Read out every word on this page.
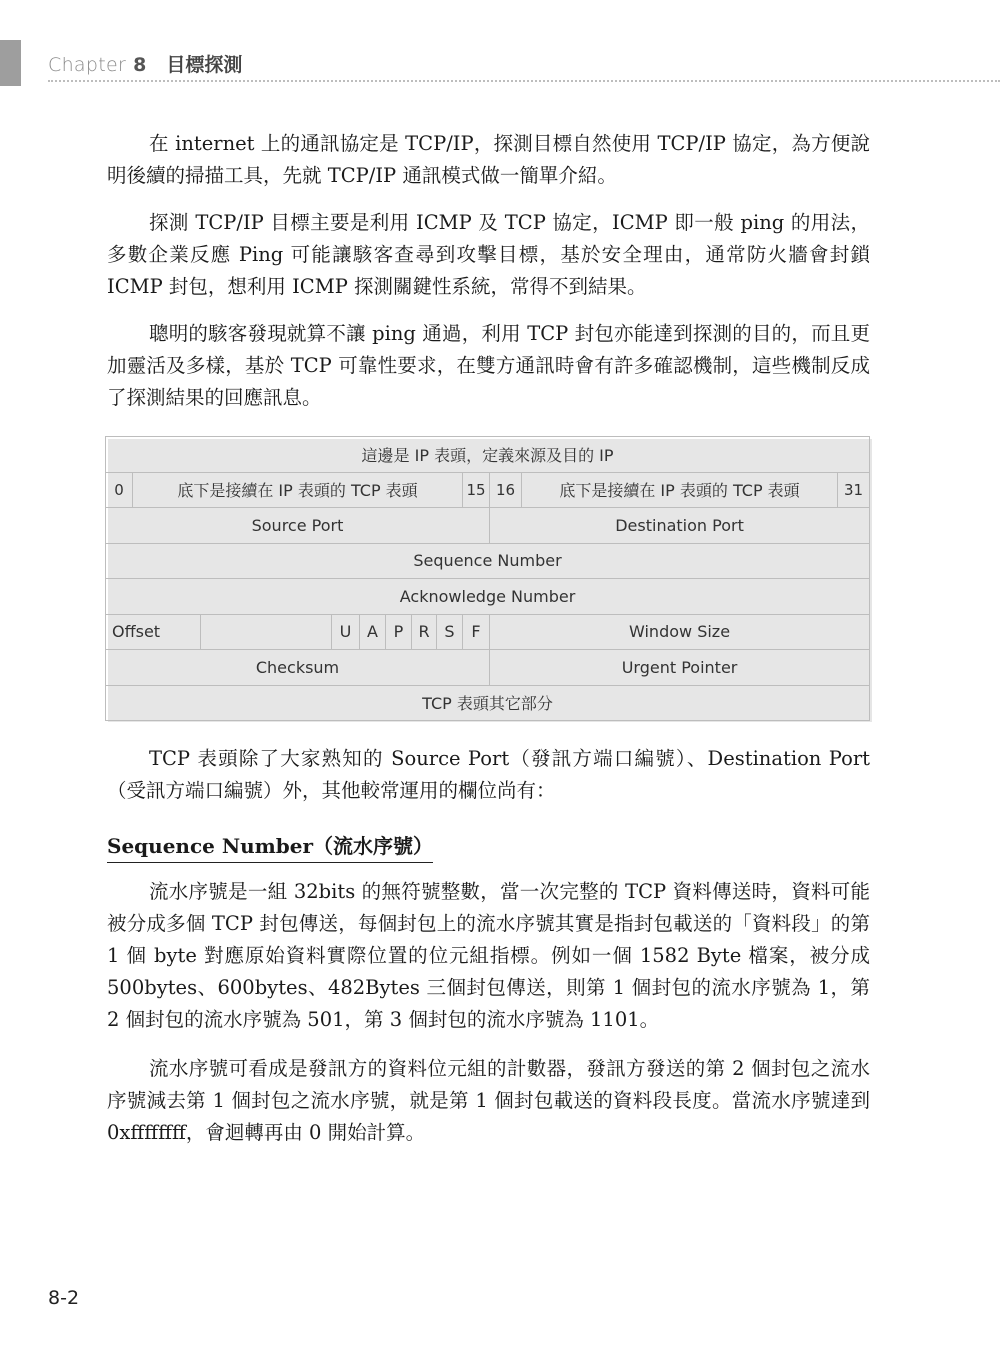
Chapter 8 目標探測

在 internet 上的通訊協定是 TCP/IP，探測目標自然使用 TCP/IP 協定，為方便說明後續的掃描工具，先就 TCP/IP 通訊模式做一簡單介紹。

探測 TCP/IP 目標主要是利用 ICMP 及 TCP 協定，ICMP 即一般 ping 的用法，多數企業反應 Ping 可能讓駭客查尋到攻擊目標，基於安全理由，通常防火牆會封鎖 ICMP 封包，想利用 ICMP 探測關鍵性系統，常得不到結果。

聰明的駭客發現就算不讓 ping 通過，利用 TCP 封包亦能達到探測的目的，而且更加靈活及多樣，基於 TCP 可靠性要求，在雙方通訊時會有許多確認機制，這些機制反成了探測結果的回應訊息。

這邊是 IP 表頭，定義來源及目的 IP											
0	底下是接續在 IP 表頭的 TCP 表頭							15	16	底下是接續在 IP 表頭的 TCP 表頭	31
Source Port									Destination Port		
Sequence Number											
Acknowledge Number											
Offset			U	A	P	R	S	F	Window Size		
Checksum									Urgent Pointer		
TCP 表頭其它部分											

TCP 表頭除了大家熟知的 Source Port（發訊方端口編號）、Destination Port（受訊方端口編號）外，其他較常運用的欄位尚有：

Sequence Number（流水序號）

流水序號是一組 32bits 的無符號整數，當一次完整的 TCP 資料傳送時，資料可能被分成多個 TCP 封包傳送，每個封包上的流水序號其實是指封包載送的「資料段」的第 1 個 byte 對應原始資料實際位置的位元組指標。例如一個 1582 Byte 檔案，被分成 500bytes、600bytes、482Bytes 三個封包傳送，則第 1 個封包的流水序號為 1，第 2 個封包的流水序號為 501，第 3 個封包的流水序號為 1101。

流水序號可看成是發訊方的資料位元組的計數器，發訊方發送的第 2 個封包之流水序號減去第 1 個封包之流水序號，就是第 1 個封包載送的資料段長度。當流水序號達到 0xffffffff，會迴轉再由 0 開始計算。

8-2
